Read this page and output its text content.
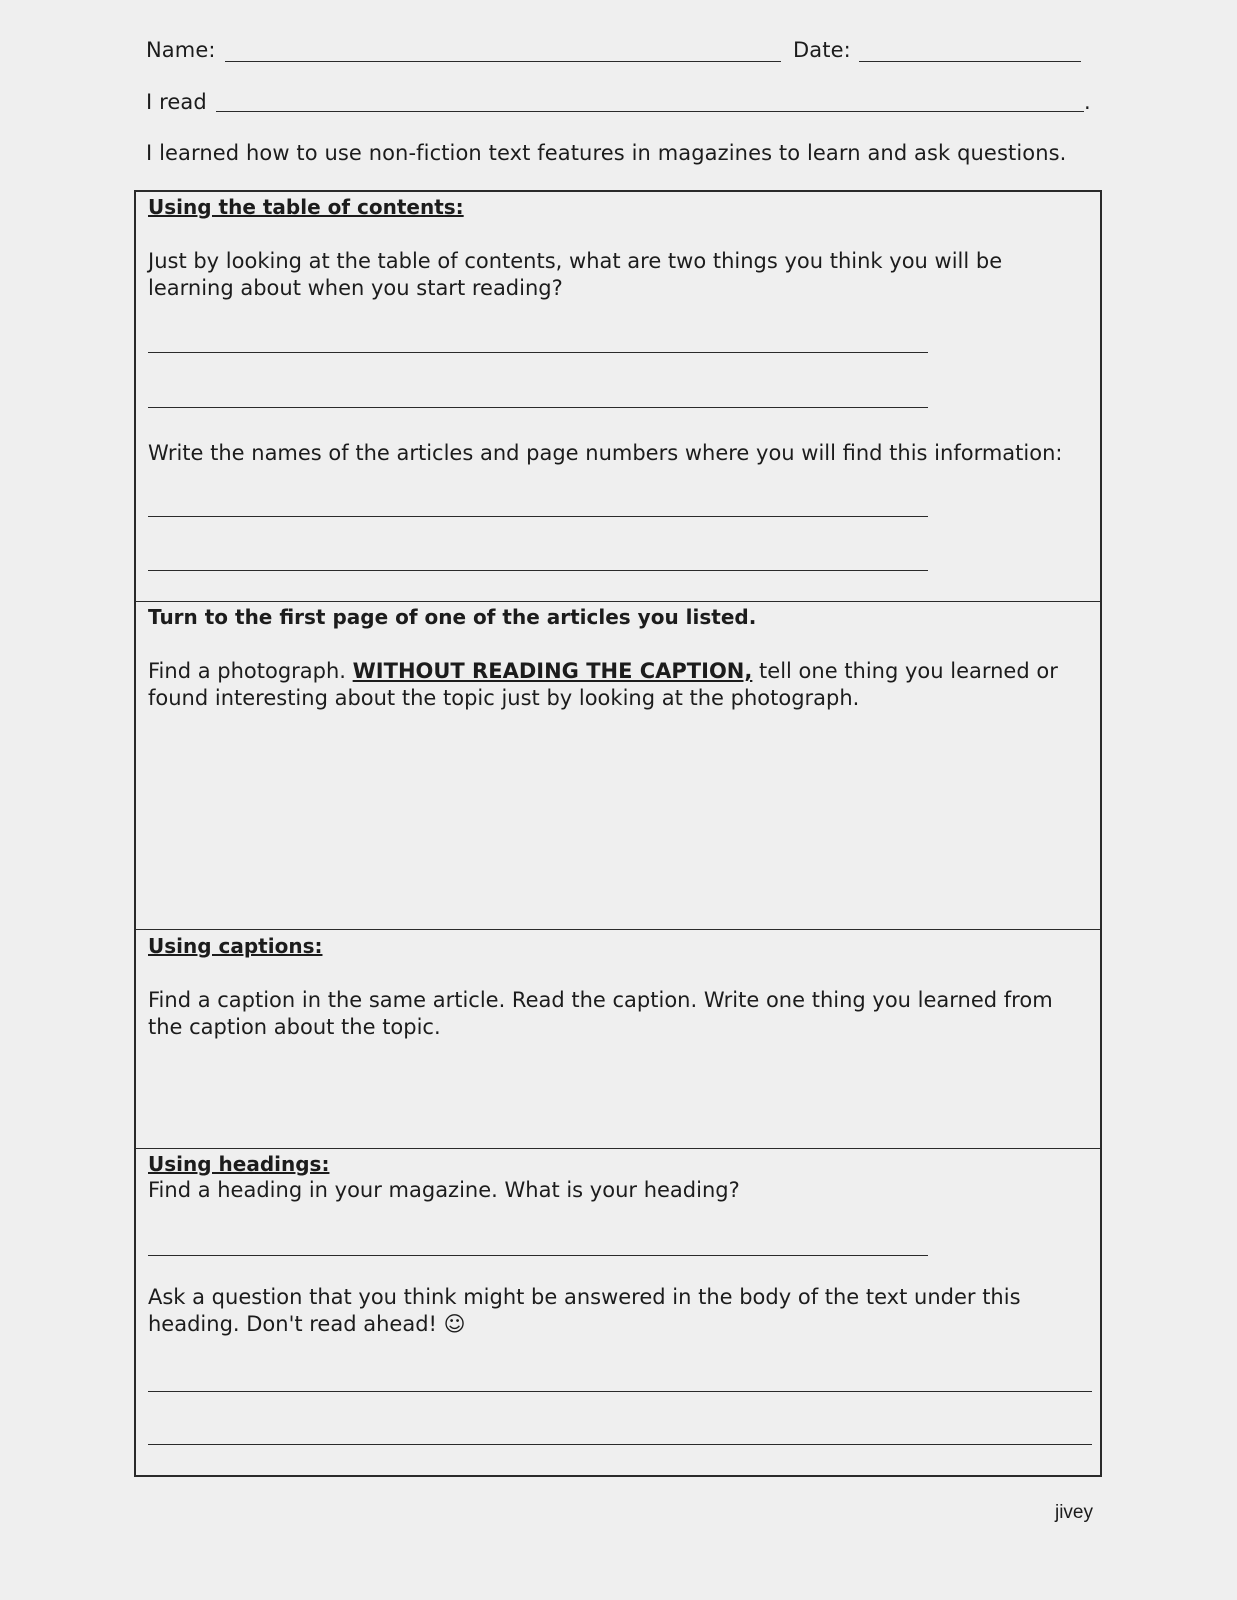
Name:	Date:
I read	.
I learned how to use non-fiction text features in magazines to learn and ask questions.
Using the table of contents:
Just by looking at the table of contents, what are two things you think you will be learning about when you start reading?
Write the names of the articles and page numbers where you will find this information:
Turn to the first page of one of the articles you listed.
Find a photograph. WITHOUT READING THE CAPTION, tell one thing you learned or found interesting about the topic just by looking at the photograph.
Using captions:
Find a caption in the same article. Read the caption. Write one thing you learned from the caption about the topic.
Using headings:
Find a heading in your magazine. What is your heading?
Ask a question that you think might be answered in the body of the text under this heading. Don't read ahead! ☺
jivey
